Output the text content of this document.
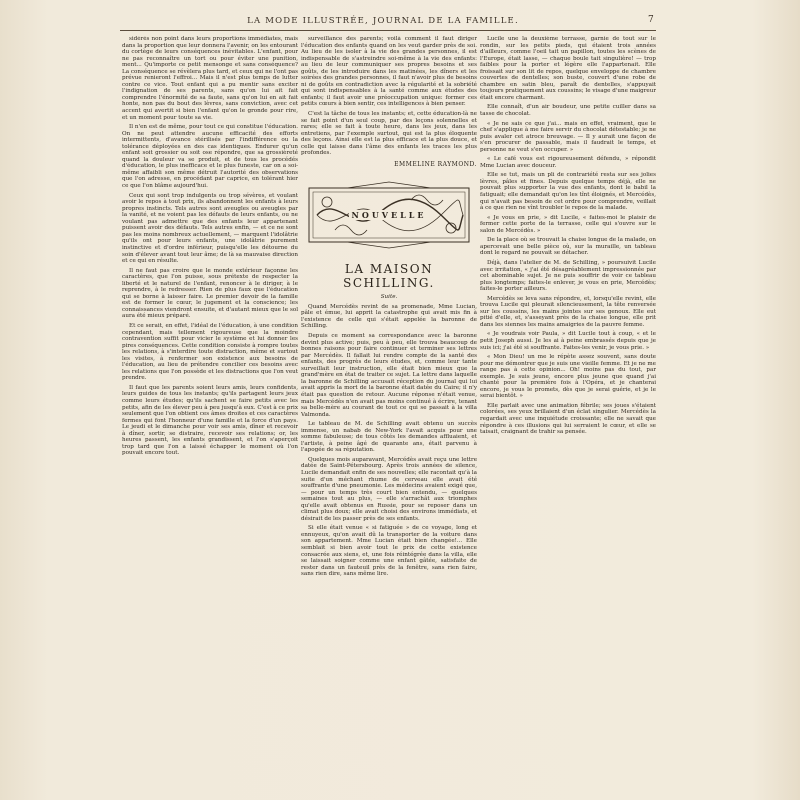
LA MODE ILLUSTRÉE, JOURNAL DE LA FAMILLE.	7

sidérés non point dans leurs proportions immédiates, mais dans la proportion que leur donnera l'avenir, on les entourant du cortège de leurs conséquences inévitables. L'enfant, pour ne pas reconnaître un tort ou pour éviter une punition, ment... Qu'importe ce petit mensonge et sans conséquence? La conséquence se révèlera plus tard, et ceux qui ne l'ont pas prévue renieront l'effroi... Mais il n'est plus temps de lutter contre ce vice. Tout enfant qui a pu mentir sans exciter l'indignation de ses parents, sans qu'on lui ait fait comprendre l'énormité de sa faute, sans qu'on lui en ait fait honte, non pas du bout des lèvres, sans conviction, avec cet accent qui avertit si bien l'enfant qu'on le gronde pour rire, et un moment pour toute sa vie.

Il n'en est de même, pour tout ce qui constitue l'éducation. On ne peut attendre aucune efficacité des efforts intermittents, d'avance stérilisés par l'indifférence ou la tolérance déployées en des cas identiques. Endurer qu'un enfant soit grossier ou soit ose répondre, que sa grossièreté quand la douleur va se produit, et de tous les procédés d'éducation, le plus inefficace et le plus funeste, car on a soi-même affaibli son même détruit l'autorité des observations que l'on adresse, en procédant par caprice, en tolérant hier ce que l'on blâme aujourd'hui.

Ceux qui sont trop indulgents ou trop sévères, et voulant avoir le repos à tout prix, ils abandonnent les enfants à leurs propres instincts. Tels autres sont aveugles ou aveugles par la vanité, et ne voient pas les défauts de leurs enfants, ou ne voulant pas admettre que des enfants leur appartenant puissent avoir des défauts. Tels autres enfin, — et ce ne sont pas les moins nombreux actuellement, — marquent l'idolâtrie qu'ils ont pour leurs enfants, une idolâtrie purement instinctive et d'ordre inférieur, puisqu'elle les détourne du soin d'élever avant tout leur âme; de là sa mauvaise direction et ce qui en résulte.

Il ne faut pas croire que le monde extérieur façonne les caractères, que l'on puisse, sous prétexte de respecter la liberté et le naturel de l'enfant, renoncer à le diriger, à le reprendre, à le redresser. Rien de plus faux que l'éducation qui se borne à laisser faire. Le premier devoir de la famille est de former le cœur, le jugement et la conscience; les connaissances viendront ensuite, et d'autant mieux que le sol aura été mieux préparé.

Et ce serait, en effet, l'idéal de l'éducation, à une condition cependant, mais tellement rigoureuse que la moindre contravention suffit pour vicier le système et lui donner les pires conséquences. Cette condition consiste à rompre toutes les relations, à s'interdire toute distraction, même et surtout les visites, à renfermer son existence aux besoins de l'éducation, au lieu de prétendre concilier ces besoins avec les relations que l'on possède et les distractions que l'on veut prendre.

Il faut que les parents soient leurs amis, leurs confidents, leurs guides de tous les instants; qu'ils partagent leurs jeux comme leurs études; qu'ils sachent se faire petits avec les petits, afin de les élever peu à peu jusqu'à eux. C'est à ce prix seulement que l'on obtient ces âmes droites et ces caractères fermes qui font l'honneur d'une famille et la force d'un pays. Le jeudi et le dimanche pour voir ses amis, dîner et recevoir à dîner, sortir, se distraire, recevoir ses relations; or, les heures passent, les enfants grandissent, et l'on s'aperçoit trop tard que l'on a laissé échapper le moment où l'on pouvait encore tout.

surveillance des parents; voilà comment il faut diriger l'éducation des enfants quand on les veut garder près de soi. Au lieu de les isoler à la vie des grandes personnes, il est indispensable de s'astreindre soi-même à la vie des enfants: au lieu de leur communiquer ses propres besoins et ses goûts, de les introduire dans les matinées, les dîners et les soirées des grandes personnes, il faut n'avoir plus de besoins ni de goûts en contradiction avec la régularité et la sobriété qui sont indispensables à la santé comme aux études des enfants; il faut avoir une préoccupation unique: former ces petits cœurs à bien sentir, ces intelligences à bien penser.

C'est la tâche de tous les instants; et, cette éducation-là ne se fait point d'un seul coup, par des leçons solennelles et rares; elle se fait à toute heure, dans les jeux, dans les entretiens, par l'exemple surtout, qui est la plus éloquente des leçons. Ainsi elle est la plus efficace et la plus douce, et celle qui laisse dans l'âme des enfants les traces les plus profondes.

EMMELINE RAYMOND.
NOUVELLE
LA MAISON SCHILLING.
Suite.

Quand Mercédès revint de sa promenade, Mme Lucian, pâle et émue, lui apprit la catastrophe qui avait mis fin à l'existence de celle qui s'était appelée la baronne de Schilling.

Depuis ce moment sa correspondance avec la baronne devint plus active; puis, peu à peu, elle trouva beaucoup de bonnes raisons pour faire continuer et terminer ses lettres par Mercédès. Il fallait lui rendre compte de la santé des enfants, des progrès de leurs études, et, comme leur tante surveillait leur instruction, elle était bien mieux que la grand'mère en état de traiter ce sujet. La lettre dans laquelle la baronne de Schilling accusait réception du journal qui lui avait appris la mort de la baronne était datée du Caire; il n'y était pas question de retour. Aucune réponse n'était venue, mais Mercédès n'en avait pas moins continué à écrire, tenant sa belle-mère au courant de tout ce qui se passait à la villa Valmonda.

Le tableau de M. de Schilling avait obtenu un succès immense, un nabab de New-York l'avait acquis pour une somme fabuleuse; de tous côtés les demandes affluaient, et l'artiste, à peine âgé de quarante ans, était parvenu à l'apogée de sa réputation.

Quelques mois auparavant, Mercédès avait reçu une lettre datée de Saint-Pétersbourg. Après trois années de silence, Lucile demandait enfin de ses nouvelles; elle racontait qu'à la suite d'un méchant rhume de cerveau elle avait été souffrante d'une pneumonie. Les médecins avaient exigé que, — pour un temps très court bien entendu, — quelques semaines tout au plus, — elle s'arrachât aux triomphes qu'elle avait obtenus en Russie, pour se reposer dans un climat plus doux; elle avait choisi des environs immédiats, et désirait de les passer près de ses enfants.

Si elle était venue « si fatiguée » de ce voyage, long et ennuyeux, qu'on avait dû la transporter de la voiture dans son appartement. Mme Lucian était bien changée!... Elle semblait si bien avoir tout le prix de cette existence consacrée aux siens, et, une fois réintégrée dans la villa, elle se laissait soigner comme une enfant gâtée, satisfaite de rester dans un fauteuil près de la fenêtre, sans rien faire, sans rien dire, sans même lire.

Lucile une la deuxième terrasse, garnie de tout sur le rondin, sur les petits pieds, qui étaient trois années d'ailleurs, comme l'oeil tait un papillon, toutes les scènes de l'Europe, était lasse, — chaque boule tait singulière! — trop faibles pour la porter et légère elle l'appartenait. Elle froissait sur son lit de repos, quelque enveloppe de chambre couvertes de dentelles; son buste, couvert d'une robe de chambre en satin bleu, paraît de dentelles, s'appuyait toujours pratiquement aux coussins; le visage d'une maigreur était encore charmant.

Elle connaît, d'un air boudeur, une petite cuiller dans sa tasse de chocolat.

« Je ne sais ce que j'ai... mais en effet, vraiment, que le chef s'applique à me faire servir du chocolat détestable; je ne puis avaler cet atroce breuvage. — Il y aurait une façon de s'en procurer de passable, mais il faudrait le temps, et personne ne veut s'en occuper. »

« Le café vous est rigoureusement défendu, » répondit Mme Lucian avec douceur.

Elle se tut, mais un pli de contrariété resta sur ses jolies lèvres, pâles et fines. Depuis quelque temps déjà, elle ne pouvait plus supporter la vue des enfants, dont le babil la fatiguait; elle demandait qu'on les tînt éloignés, et Mercédès, qui n'avait pas besoin de cet ordre pour comprendre, veillait à ce que rien ne vînt troubler le repos de la malade.

« Je vous en prie, » dit Lucile, « faites-moi le plaisir de fermer cette porte de la terrasse, celle qui s'ouvre sur le salon de Mercédès. »

De la place où se trouvait la chaise longue de la malade, on apercevait une belle pièce où, sur la muraille, un tableau dont le regard ne pouvait se détacher.

Déjà, dans l'atelier de M. de Schilling, » poursuivit Lucile avec irritation, « j'ai été désagréablement impressionnée par cet abominable sujet. Je ne puis souffrir de voir ce tableau plus longtemps; faites-le enlever, je vous en prie, Mercédès; faites-le porter ailleurs.

Mercédès se leva sans répondre, et, lorsqu'elle revint, elle trouva Lucile qui pleurait silencieusement, la tête renversée sur les coussins, les mains jointes sur ses genoux. Elle eut pitié d'elle, et, s'asseyant près de la chaise longue, elle prit dans les siennes les mains amaigries de la pauvre femme.

« Je voudrais voir Paula, » dit Lucile tout à coup, « et le petit Joseph aussi. Je les ai à peine embrassés depuis que je suis ici; j'ai été si souffrante. Faites-les venir, je vous prie. »

« Mon Dieu! un me le répète assez souvent, sans doute pour me démontrer que je suis une vieille femme. Et je ne me range pas à cette opinion... Oh! moins pas du tout, par exemple. Je suis jeune, encore plus jeune que quand j'ai chanté pour la première fois à l'Opéra, et je chanterai encore, je vous le promets, dès que je serai guérie, et je le serai bientôt. »

Elle parlait avec une animation fébrile; ses joues s'étaient colorées, ses yeux brillaient d'un éclat singulier. Mercédès la regardait avec une inquiétude croissante; elle ne savait que répondre à ces illusions qui lui serraient le cœur, et elle se taisait, craignant de trahir sa pensée.
